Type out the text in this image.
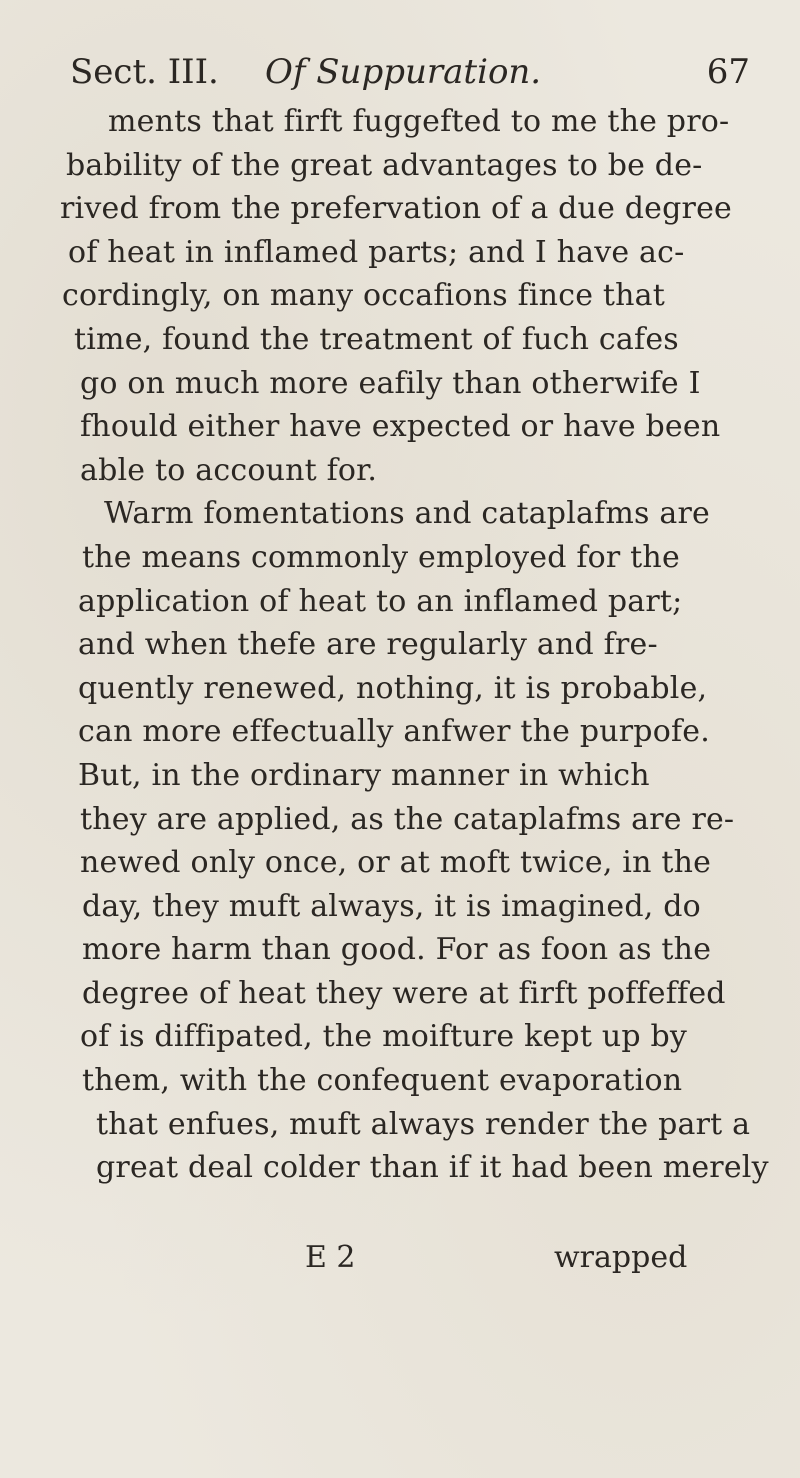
Sect. III. Of Suppuration.	67
ments that firft fuggefted to me the pro-
bability of the great advantages to be de-
rived from the prefervation of a due degree
of heat in inflamed parts; and I have ac-
cordingly, on many occafions fince that
time, found the treatment of fuch cafes
go on much more eafily than otherwife I
fhould either have expected or have been
able to account for.
Warm fomentations and cataplafms are
the means commonly employed for the
application of heat to an inflamed part;
and when thefe are regularly and fre-
quently renewed, nothing, it is probable,
can more effectually anfwer the purpofe.
But, in the ordinary manner in which
they are applied, as the cataplafms are re-
newed only once, or at moft twice, in the
day, they muft always, it is imagined, do
more harm than good. For as foon as the
degree of heat they were at firft poffeffed
of is diffipated, the moifture kept up by
them, with the confequent evaporation
that enfues, muft always render the part a
great deal colder than if it had been merely
E 2	wrapped
